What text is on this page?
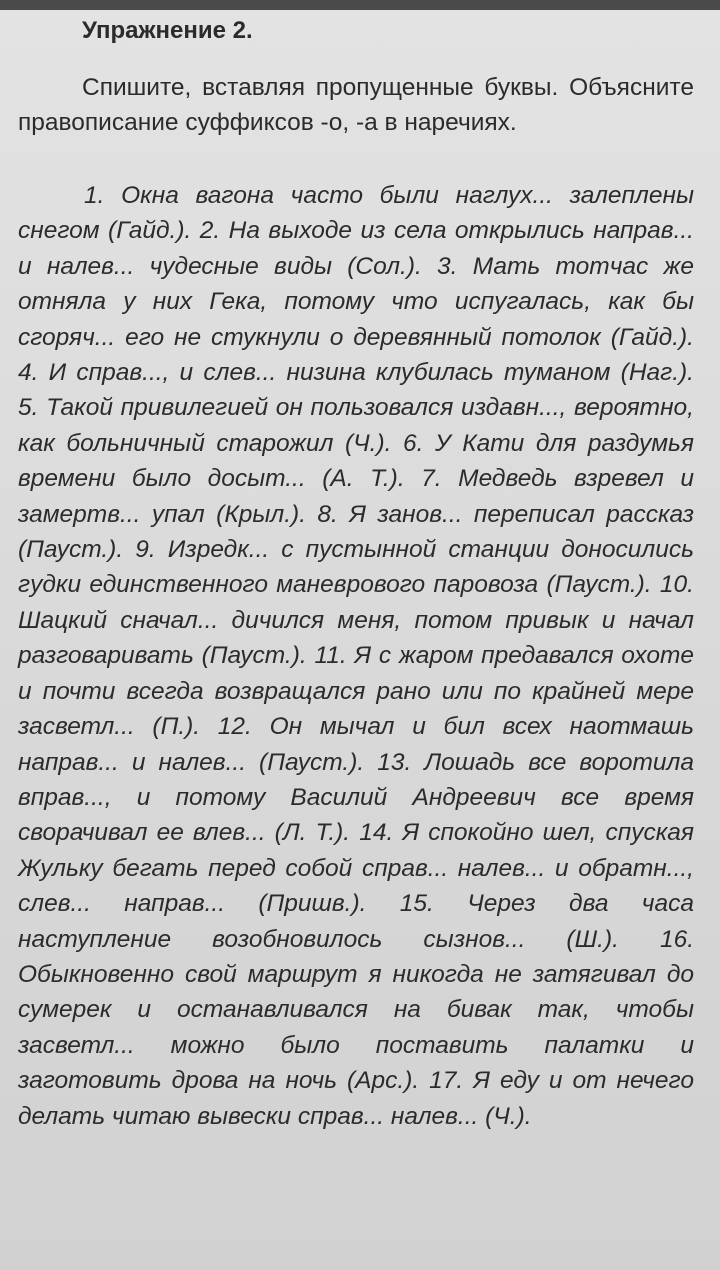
Упражнение 2.

Спишите, вставляя пропущенные буквы. Объясните правописание суффиксов -о, -а в наречиях.

1. Окна вагона часто были наглух... залеплены снегом (Гайд.). 2. На выходе из села открылись направ... и налев... чудесные виды (Сол.). 3. Мать тотчас же отняла у них Гека, потому что испугалась, как бы сгоряч... его не стукнули о деревянный потолок (Гайд.). 4. И справ..., и слев... низина клубилась туманом (Наг.). 5. Такой привилегией он пользовался издавн..., вероятно, как больничный старожил (Ч.). 6. У Кати для раздумья времени было досыт... (А. Т.). 7. Медведь взревел и замертв... упал (Крыл.). 8. Я занов... переписал рассказ (Пауст.). 9. Изредк... с пустынной станции доносились гудки единственного маневрового паровоза (Пауст.). 10. Шацкий сначал... дичился меня, потом привык и начал разговаривать (Пауст.). 11. Я с жаром предавался охоте и почти всегда возвращался рано или по крайней мере засветл... (П.). 12. Он мычал и бил всех наотмашь направ... и налев... (Пауст.). 13. Лошадь все воротила вправ..., и потому Василий Андреевич все время сворачивал ее влев... (Л. Т.). 14. Я спокойно шел, спуская Жульку бегать перед собой справ... налев... и обратн..., слев... направ... (Пришв.). 15. Через два часа наступление возобновилось сызнов... (Ш.). 16. Обыкновенно свой маршрут я никогда не затягивал до сумерек и останавливался на бивак так, чтобы засветл... можно было поставить палатки и заготовить дрова на ночь (Арс.). 17. Я еду и от нечего делать читаю вывески справ... налев... (Ч.).
